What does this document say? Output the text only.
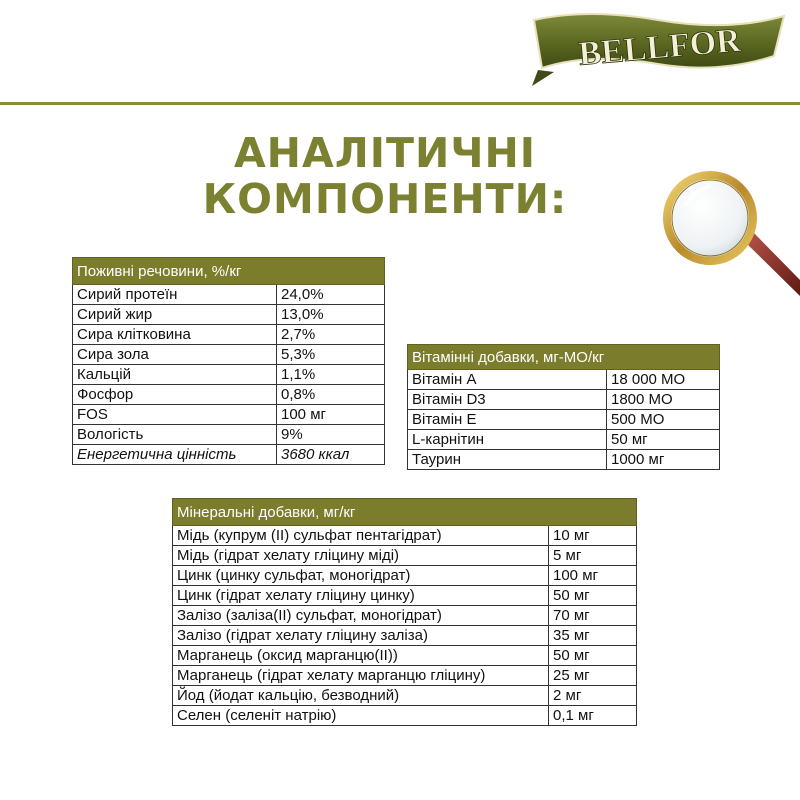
BELLFOR
АНАЛІТИЧНІ
КОМПОНЕНТИ:
Поживні речовини, %/кг	
Сирий протеїн	24,0%
Сирий жир	13,0%
Сира клітковина	2,7%
Сира зола	5,3%
Кальцій	1,1%
Фосфор	0,8%
FOS	100 мг
Вологість	9%
Енергетична цінність	3680 ккал
Вітамінні добавки, мг-МО/кг	
Вітамін А	18 000 МО
Вітамін D3	1800 МО
Вітамін Е	500 МО
L-карнітин	50 мг
Таурин	1000 мг
Мінеральні добавки, мг/кг	
Мідь (купрум (ІІ) сульфат пентагідрат)	10 мг
Мідь (гідрат хелату гліцину міді)	5 мг
Цинк (цинку сульфат, моногідрат)	100 мг
Цинк (гідрат хелату гліцину цинку)	50 мг
Залізо (заліза(ІІ) сульфат, моногідрат)	70 мг
Залізо (гідрат хелату гліцину заліза)	35 мг
Марганець (оксид марганцю(ІІ))	50 мг
Марганець (гідрат хелату марганцю гліцину)	25 мг
Йод (йодат кальцію, безводний)	2 мг
Селен (селеніт натрію)	0,1 мг
